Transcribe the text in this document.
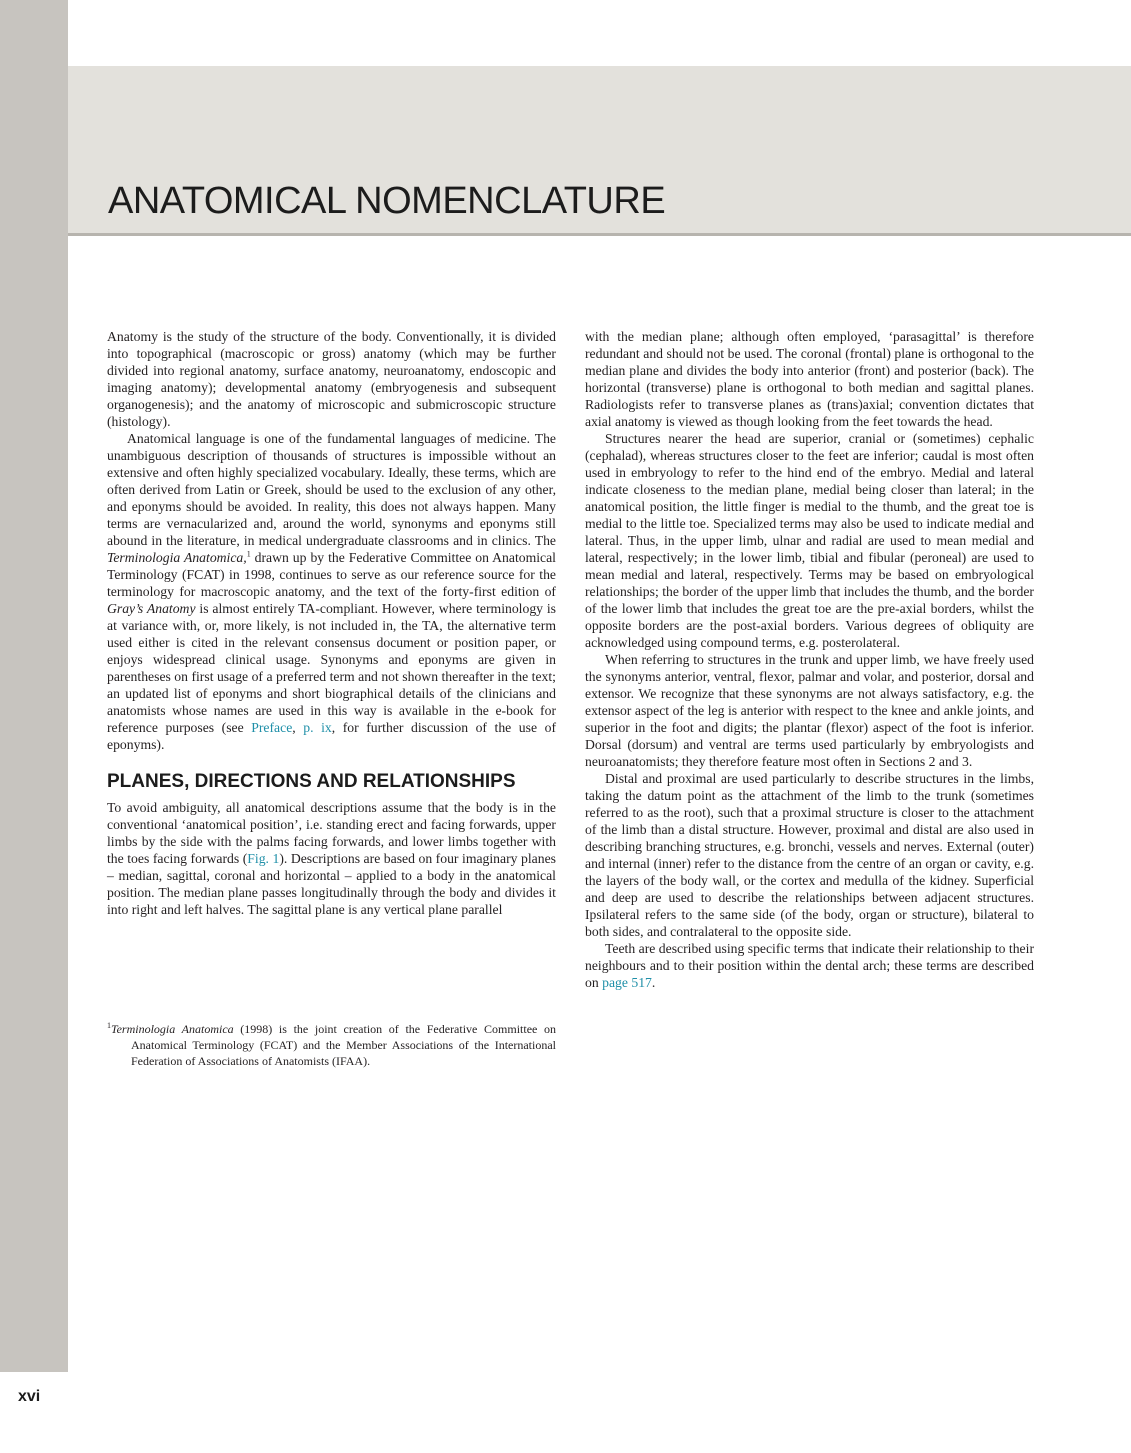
ANATOMICAL NOMENCLATURE

Anatomy is the study of the structure of the body. Conventionally, it is divided into topographical (macroscopic or gross) anatomy (which may be further divided into regional anatomy, surface anatomy, neuroanatomy, endoscopic and imaging anatomy); developmental anatomy (embryogenesis and subsequent organogenesis); and the anatomy of microscopic and submicroscopic structure (histology).

Anatomical language is one of the fundamental languages of medicine. The unambiguous description of thousands of structures is impossible without an extensive and often highly specialized vocabulary. Ideally, these terms, which are often derived from Latin or Greek, should be used to the exclusion of any other, and eponyms should be avoided. In reality, this does not always happen. Many terms are vernacularized and, around the world, synonyms and eponyms still abound in the literature, in medical undergraduate classrooms and in clinics. The Terminologia Anatomica,$^1$ drawn up by the Federative Committee on Anatomical Terminology (FCAT) in 1998, continues to serve as our reference source for the terminology for macroscopic anatomy, and the text of the forty-first edition of Gray’s Anatomy is almost entirely TA-compliant. However, where terminology is at variance with, or, more likely, is not included in, the TA, the alternative term used either is cited in the relevant consensus document or position paper, or enjoys widespread clinical usage. Synonyms and eponyms are given in parentheses on first usage of a preferred term and not shown thereafter in the text; an updated list of eponyms and short biographical details of the clinicians and anatomists whose names are used in this way is available in the e-book for reference purposes (see Preface, p. ix, for further discussion of the use of eponyms).

PLANES, DIRECTIONS AND RELATIONSHIPS

To avoid ambiguity, all anatomical descriptions assume that the body is in the conventional ‘anatomical position’, i.e. standing erect and facing forwards, upper limbs by the side with the palms facing forwards, and lower limbs together with the toes facing forwards (Fig. 1). Descriptions are based on four imaginary planes – median, sagittal, coronal and horizontal – applied to a body in the anatomical position. The median plane passes longitudinally through the body and divides it into right and left halves. The sagittal plane is any vertical plane parallel

$^1$Terminologia Anatomica (1998) is the joint creation of the Federative Committee on Anatomical Terminology (FCAT) and the Member Associations of the International Federation of Associations of Anatomists (IFAA).

with the median plane; although often employed, ‘parasagittal’ is therefore redundant and should not be used. The coronal (frontal) plane is orthogonal to the median plane and divides the body into anterior (front) and posterior (back). The horizontal (transverse) plane is orthogonal to both median and sagittal planes. Radiologists refer to transverse planes as (trans)axial; convention dictates that axial anatomy is viewed as though looking from the feet towards the head.

Structures nearer the head are superior, cranial or (sometimes) cephalic (cephalad), whereas structures closer to the feet are inferior; caudal is most often used in embryology to refer to the hind end of the embryo. Medial and lateral indicate closeness to the median plane, medial being closer than lateral; in the anatomical position, the little finger is medial to the thumb, and the great toe is medial to the little toe. Specialized terms may also be used to indicate medial and lateral. Thus, in the upper limb, ulnar and radial are used to mean medial and lateral, respectively; in the lower limb, tibial and fibular (peroneal) are used to mean medial and lateral, respectively. Terms may be based on embryological relationships; the border of the upper limb that includes the thumb, and the border of the lower limb that includes the great toe are the pre-axial borders, whilst the opposite borders are the post-axial borders. Various degrees of obliquity are acknowledged using compound terms, e.g. posterolateral.

When referring to structures in the trunk and upper limb, we have freely used the synonyms anterior, ventral, flexor, palmar and volar, and posterior, dorsal and extensor. We recognize that these synonyms are not always satisfactory, e.g. the extensor aspect of the leg is anterior with respect to the knee and ankle joints, and superior in the foot and digits; the plantar (flexor) aspect of the foot is inferior. Dorsal (dorsum) and ventral are terms used particularly by embryologists and neuroanatomists; they therefore feature most often in Sections 2 and 3.

Distal and proximal are used particularly to describe structures in the limbs, taking the datum point as the attachment of the limb to the trunk (sometimes referred to as the root), such that a proximal structure is closer to the attachment of the limb than a distal structure. However, proximal and distal are also used in describing branching structures, e.g. bronchi, vessels and nerves. External (outer) and internal (inner) refer to the distance from the centre of an organ or cavity, e.g. the layers of the body wall, or the cortex and medulla of the kidney. Superficial and deep are used to describe the relationships between adjacent structures. Ipsilateral refers to the same side (of the body, organ or structure), bilateral to both sides, and contralateral to the opposite side.

Teeth are described using specific terms that indicate their relationship to their neighbours and to their position within the dental arch; these terms are described on page 517.

xvi
